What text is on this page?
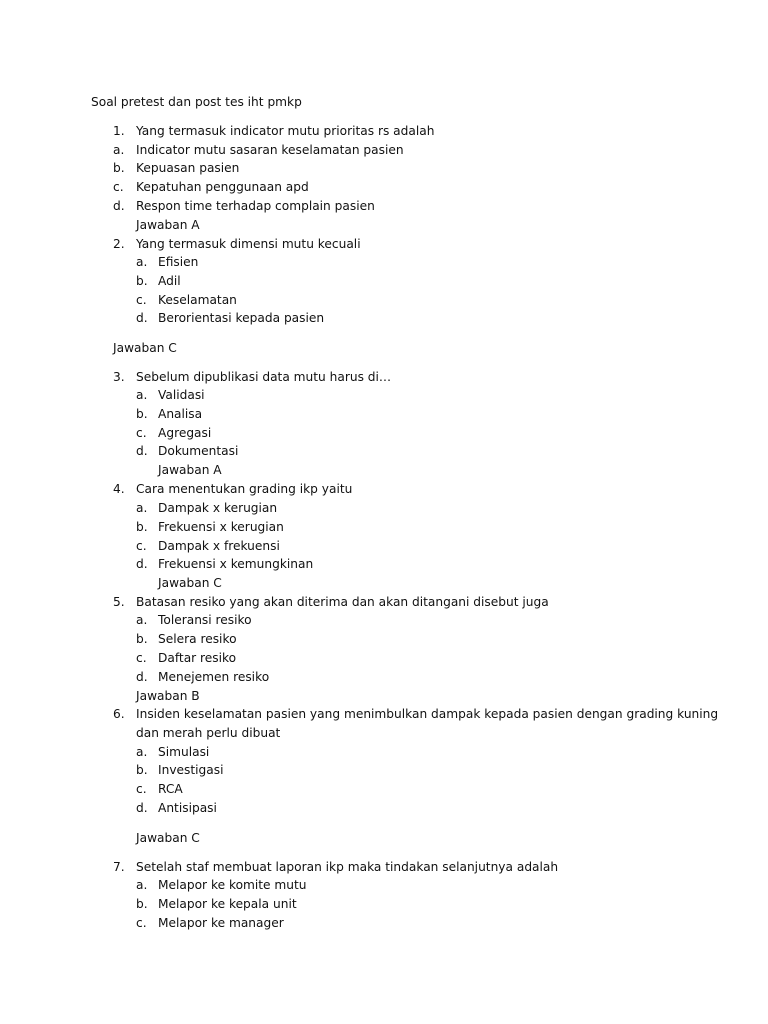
Soal pretest dan post tes iht pmkp
1. Yang termasuk indicator mutu prioritas rs adalah
a. Indicator mutu sasaran keselamatan pasien
b. Kepuasan pasien
c. Kepatuhan penggunaan apd
d. Respon time terhadap complain pasien
Jawaban A
2. Yang termasuk dimensi mutu kecuali
a. Efisien
b. Adil
c. Keselamatan
d. Berorientasi kepada pasien
Jawaban C
3. Sebelum dipublikasi data mutu harus di…
a. Validasi
b. Analisa
c. Agregasi
d. Dokumentasi
Jawaban A
4. Cara menentukan grading ikp yaitu
a. Dampak x kerugian
b. Frekuensi x kerugian
c. Dampak x frekuensi
d. Frekuensi x kemungkinan
Jawaban C
5. Batasan resiko yang akan diterima dan akan ditangani disebut juga
a. Toleransi resiko
b. Selera resiko
c. Daftar resiko
d. Menejemen resiko
Jawaban B
6. Insiden keselamatan pasien yang menimbulkan dampak kepada pasien dengan grading kuning
dan merah perlu dibuat
a. Simulasi
b. Investigasi
c. RCA
d. Antisipasi
Jawaban C
7. Setelah staf membuat laporan ikp maka tindakan selanjutnya adalah
a. Melapor ke komite mutu
b. Melapor ke kepala unit
c. Melapor ke manager
